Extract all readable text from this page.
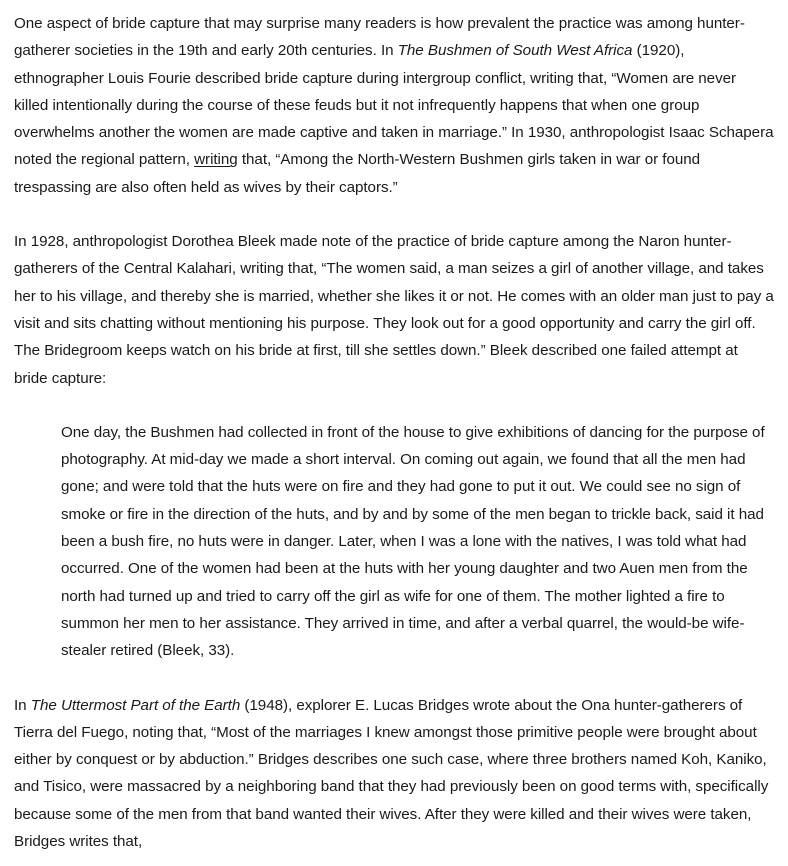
One aspect of bride capture that may surprise many readers is how prevalent the practice was among hunter-gatherer societies in the 19th and early 20th centuries. In The Bushmen of South West Africa (1920), ethnographer Louis Fourie described bride capture during intergroup conflict, writing that, “Women are never killed intentionally during the course of these feuds but it not infrequently happens that when one group overwhelms another the women are made captive and taken in marriage.” In 1930, anthropologist Isaac Schapera noted the regional pattern, writing that, “Among the North-Western Bushmen girls taken in war or found trespassing are also often held as wives by their captors.”

In 1928, anthropologist Dorothea Bleek made note of the practice of bride capture among the Naron hunter-gatherers of the Central Kalahari, writing that, “The women said, a man seizes a girl of another village, and takes her to his village, and thereby she is married, whether she likes it or not. He comes with an older man just to pay a visit and sits chatting without mentioning his purpose. They look out for a good opportunity and carry the girl off. The Bridegroom keeps watch on his bride at first, till she settles down.” Bleek described one failed attempt at bride capture:

One day, the Bushmen had collected in front of the house to give exhibitions of dancing for the purpose of photography. At mid-day we made a short interval. On coming out again, we found that all the men had gone; and were told that the huts were on fire and they had gone to put it out. We could see no sign of smoke or fire in the direction of the huts, and by and by some of the men began to trickle back, said it had been a bush fire, no huts were in danger. Later, when I was a lone with the natives, I was told what had occurred. One of the women had been at the huts with her young daughter and two Auen men from the north had turned up and tried to carry off the girl as wife for one of them. The mother lighted a fire to summon her men to her assistance. They arrived in time, and after a verbal quarrel, the would-be wife-stealer retired (Bleek, 33).

In The Uttermost Part of the Earth (1948), explorer E. Lucas Bridges wrote about the Ona hunter-gatherers of Tierra del Fuego, noting that, “Most of the marriages I knew amongst those primitive people were brought about either by conquest or by abduction.” Bridges describes one such case, where three brothers named Koh, Kaniko, and Tisico, were massacred by a neighboring band that they had previously been on good terms with, specifically because some of the men from that band wanted their wives. After they were killed and their wives were taken, Bridges writes that,
